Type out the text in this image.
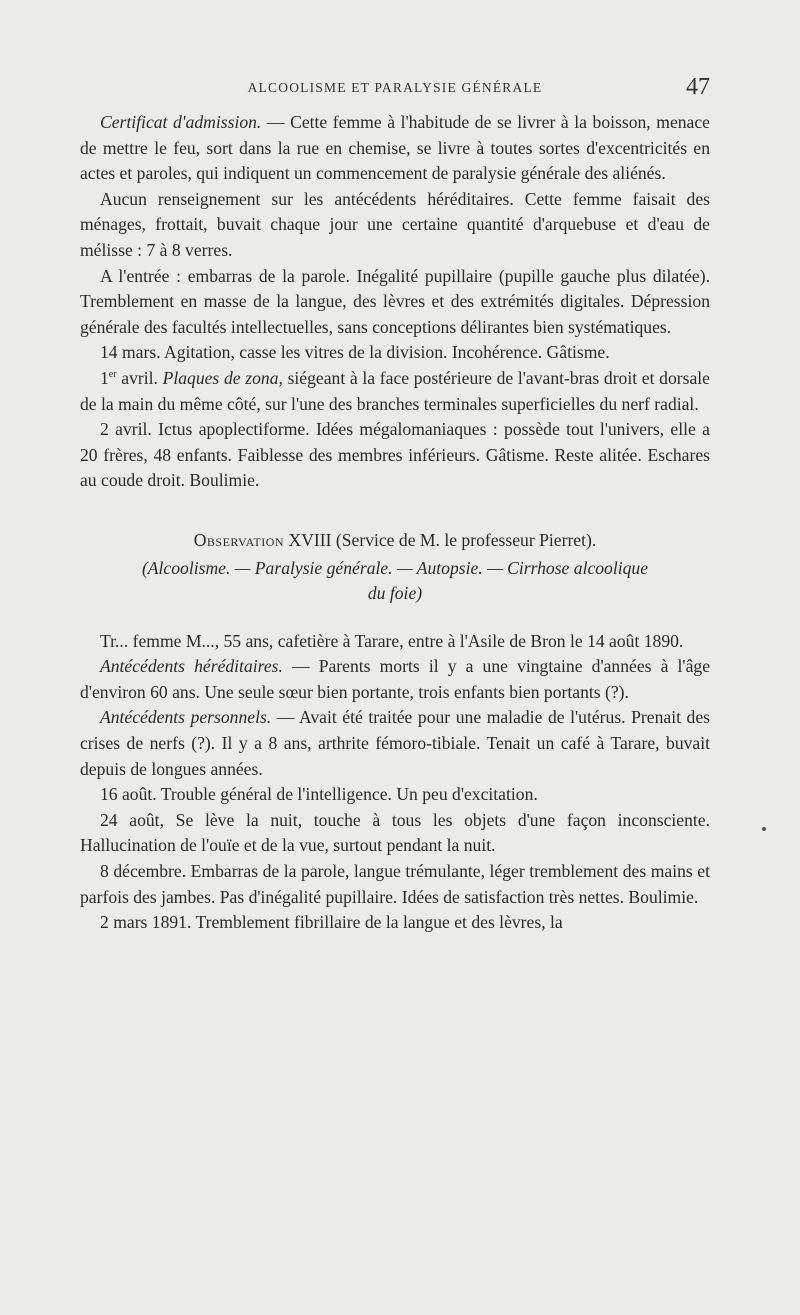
ALCOOLISME ET PARALYSIE GÉNÉRALE	47

Certificat d'admission. — Cette femme à l'habitude de se livrer à la boisson, menace de mettre le feu, sort dans la rue en chemise, se livre à toutes sortes d'excentricités en actes et paroles, qui indiquent un commencement de paralysie générale des aliénés.

Aucun renseignement sur les antécédents héréditaires. Cette femme faisait des ménages, frottait, buvait chaque jour une certaine quantité d'arquebuse et d'eau de mélisse : 7 à 8 verres.

A l'entrée : embarras de la parole. Inégalité pupillaire (pupille gauche plus dilatée). Tremblement en masse de la langue, des lèvres et des extrémités digitales. Dépression générale des facultés intellectuelles, sans conceptions délirantes bien systématiques.

14 mars. Agitation, casse les vitres de la division. Incohérence. Gâtisme.

1er avril. Plaques de zona, siégeant à la face postérieure de l'avant-bras droit et dorsale de la main du même côté, sur l'une des branches terminales superficielles du nerf radial.

2 avril. Ictus apoplectiforme. Idées mégalomaniaques : possède tout l'univers, elle a 20 frères, 48 enfants. Faiblesse des membres inférieurs. Gâtisme. Reste alitée. Eschares au coude droit. Boulimie.

Observation XVIII (Service de M. le professeur Pierret).

(Alcoolisme. — Paralysie générale. — Autopsie. — Cirrhose alcoolique
du foie)

Tr... femme M..., 55 ans, cafetière à Tarare, entre à l'Asile de Bron le 14 août 1890.

Antécédents héréditaires. — Parents morts il y a une vingtaine d'années à l'âge d'environ 60 ans. Une seule sœur bien portante, trois enfants bien portants (?).

Antécédents personnels. — Avait été traitée pour une maladie de l'utérus. Prenait des crises de nerfs (?). Il y a 8 ans, arthrite fémoro-tibiale. Tenait un café à Tarare, buvait depuis de longues années.

16 août. Trouble général de l'intelligence. Un peu d'excitation.

24 août, Se lève la nuit, touche à tous les objets d'une façon inconsciente. Hallucination de l'ouïe et de la vue, surtout pendant la nuit.

8 décembre. Embarras de la parole, langue trémulante, léger tremblement des mains et parfois des jambes. Pas d'inégalité pupillaire. Idées de satisfaction très nettes. Boulimie.

2 mars 1891. Tremblement fibrillaire de la langue et des lèvres, la
